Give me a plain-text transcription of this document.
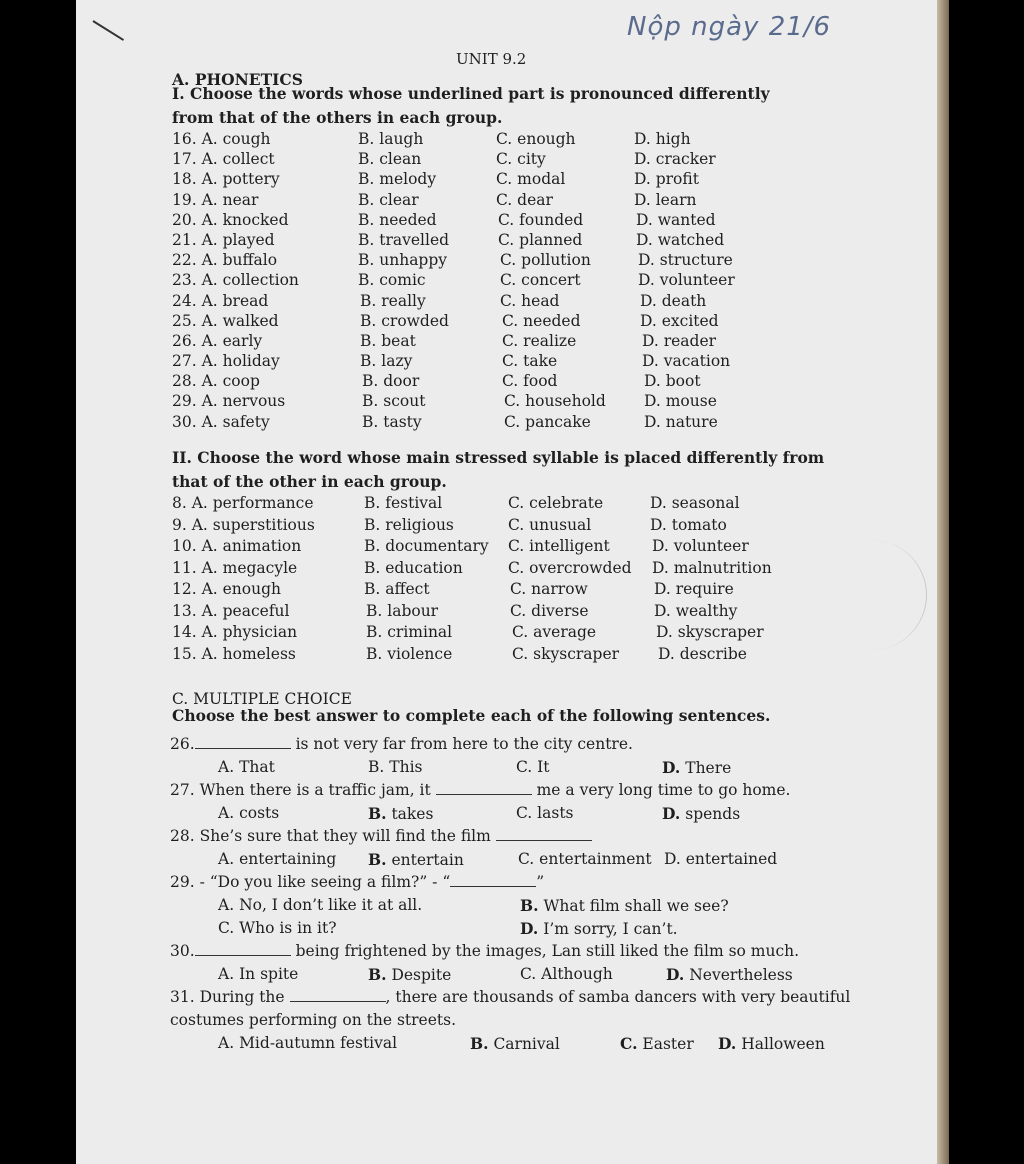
Nộp ngày 21/6
UNIT 9.2
A. PHONETICS
I. Choose the words whose underlined part is pronounced differently from that of the others in each group.
16. A. cough	B. laugh	C. enough	D. high
17. A. collect	B. clean	C. city	D. cracker
18. A. pottery	B. melody	C. modal	D. profit
19. A. near	B. clear	C. dear	D. learn
20. A. knocked	B. needed	C. founded	D. wanted
21. A. played	B. travelled	C. planned	D. watched
22. A. buffalo	B. unhappy	C. pollution	D. structure
23. A. collection	B. comic	C. concert	D. volunteer
24. A. bread	B. really	C. head	D. death
25. A. walked	B. crowded	C. needed	D. excited
26. A. early	B. beat	C. realize	D. reader
27. A. holiday	B. lazy	C. take	D. vacation
28. A. coop	B. door	C. food	D. boot
29. A. nervous	B. scout	C. household D. mouse
30. A. safety	B. tasty	C. pancake	D. nature
II. Choose the word whose main stressed syllable is placed differently from that of the other in each group.
8. A. performance	B. festival	C. celebrate	D. seasonal
9. A. superstitious	B. religious	C. unusual	D. tomato
10. A. animation	B. documentary C. intelligent	D. volunteer
11. A. megacyle	B. education	C. overcrowded D. malnutrition
12. A. enough	B. affect	C. narrow	D. require
13. A. peaceful	B. labour	C. diverse	D. wealthy
14. A. physician	B. criminal	C. average	D. skyscraper
15. A. homeless	B. violence	C. skyscraper	D. describe
C. MULTIPLE CHOICE
Choose the best answer to complete each of the following sentences.
26.	is not very far from here to the city centre.
A. That	B. This	C. It	D. There
27. When there is a traffic jam, it	me a very long time to go home.
A. costs	B. takes	C. lasts	D. spends
28. She’s sure that they will find the film
A. entertaining B. entertain	C. entertainment D. entertained
29. - “Do you like seeing a film?” - “	”
A. No, I don’t like it at all.	B. What film shall we see?
C. Who is in it?	D. I’m sorry, I can’t.
30.	being frightened by the images, Lan still liked the film so much.
A. In spite	B. Despite	C. Although	D. Nevertheless
31. During the	, there are thousands of samba dancers with very beautiful
costumes performing on the streets.
A. Mid-autumn festival	B. Carnival	C. Easter D. Halloween
